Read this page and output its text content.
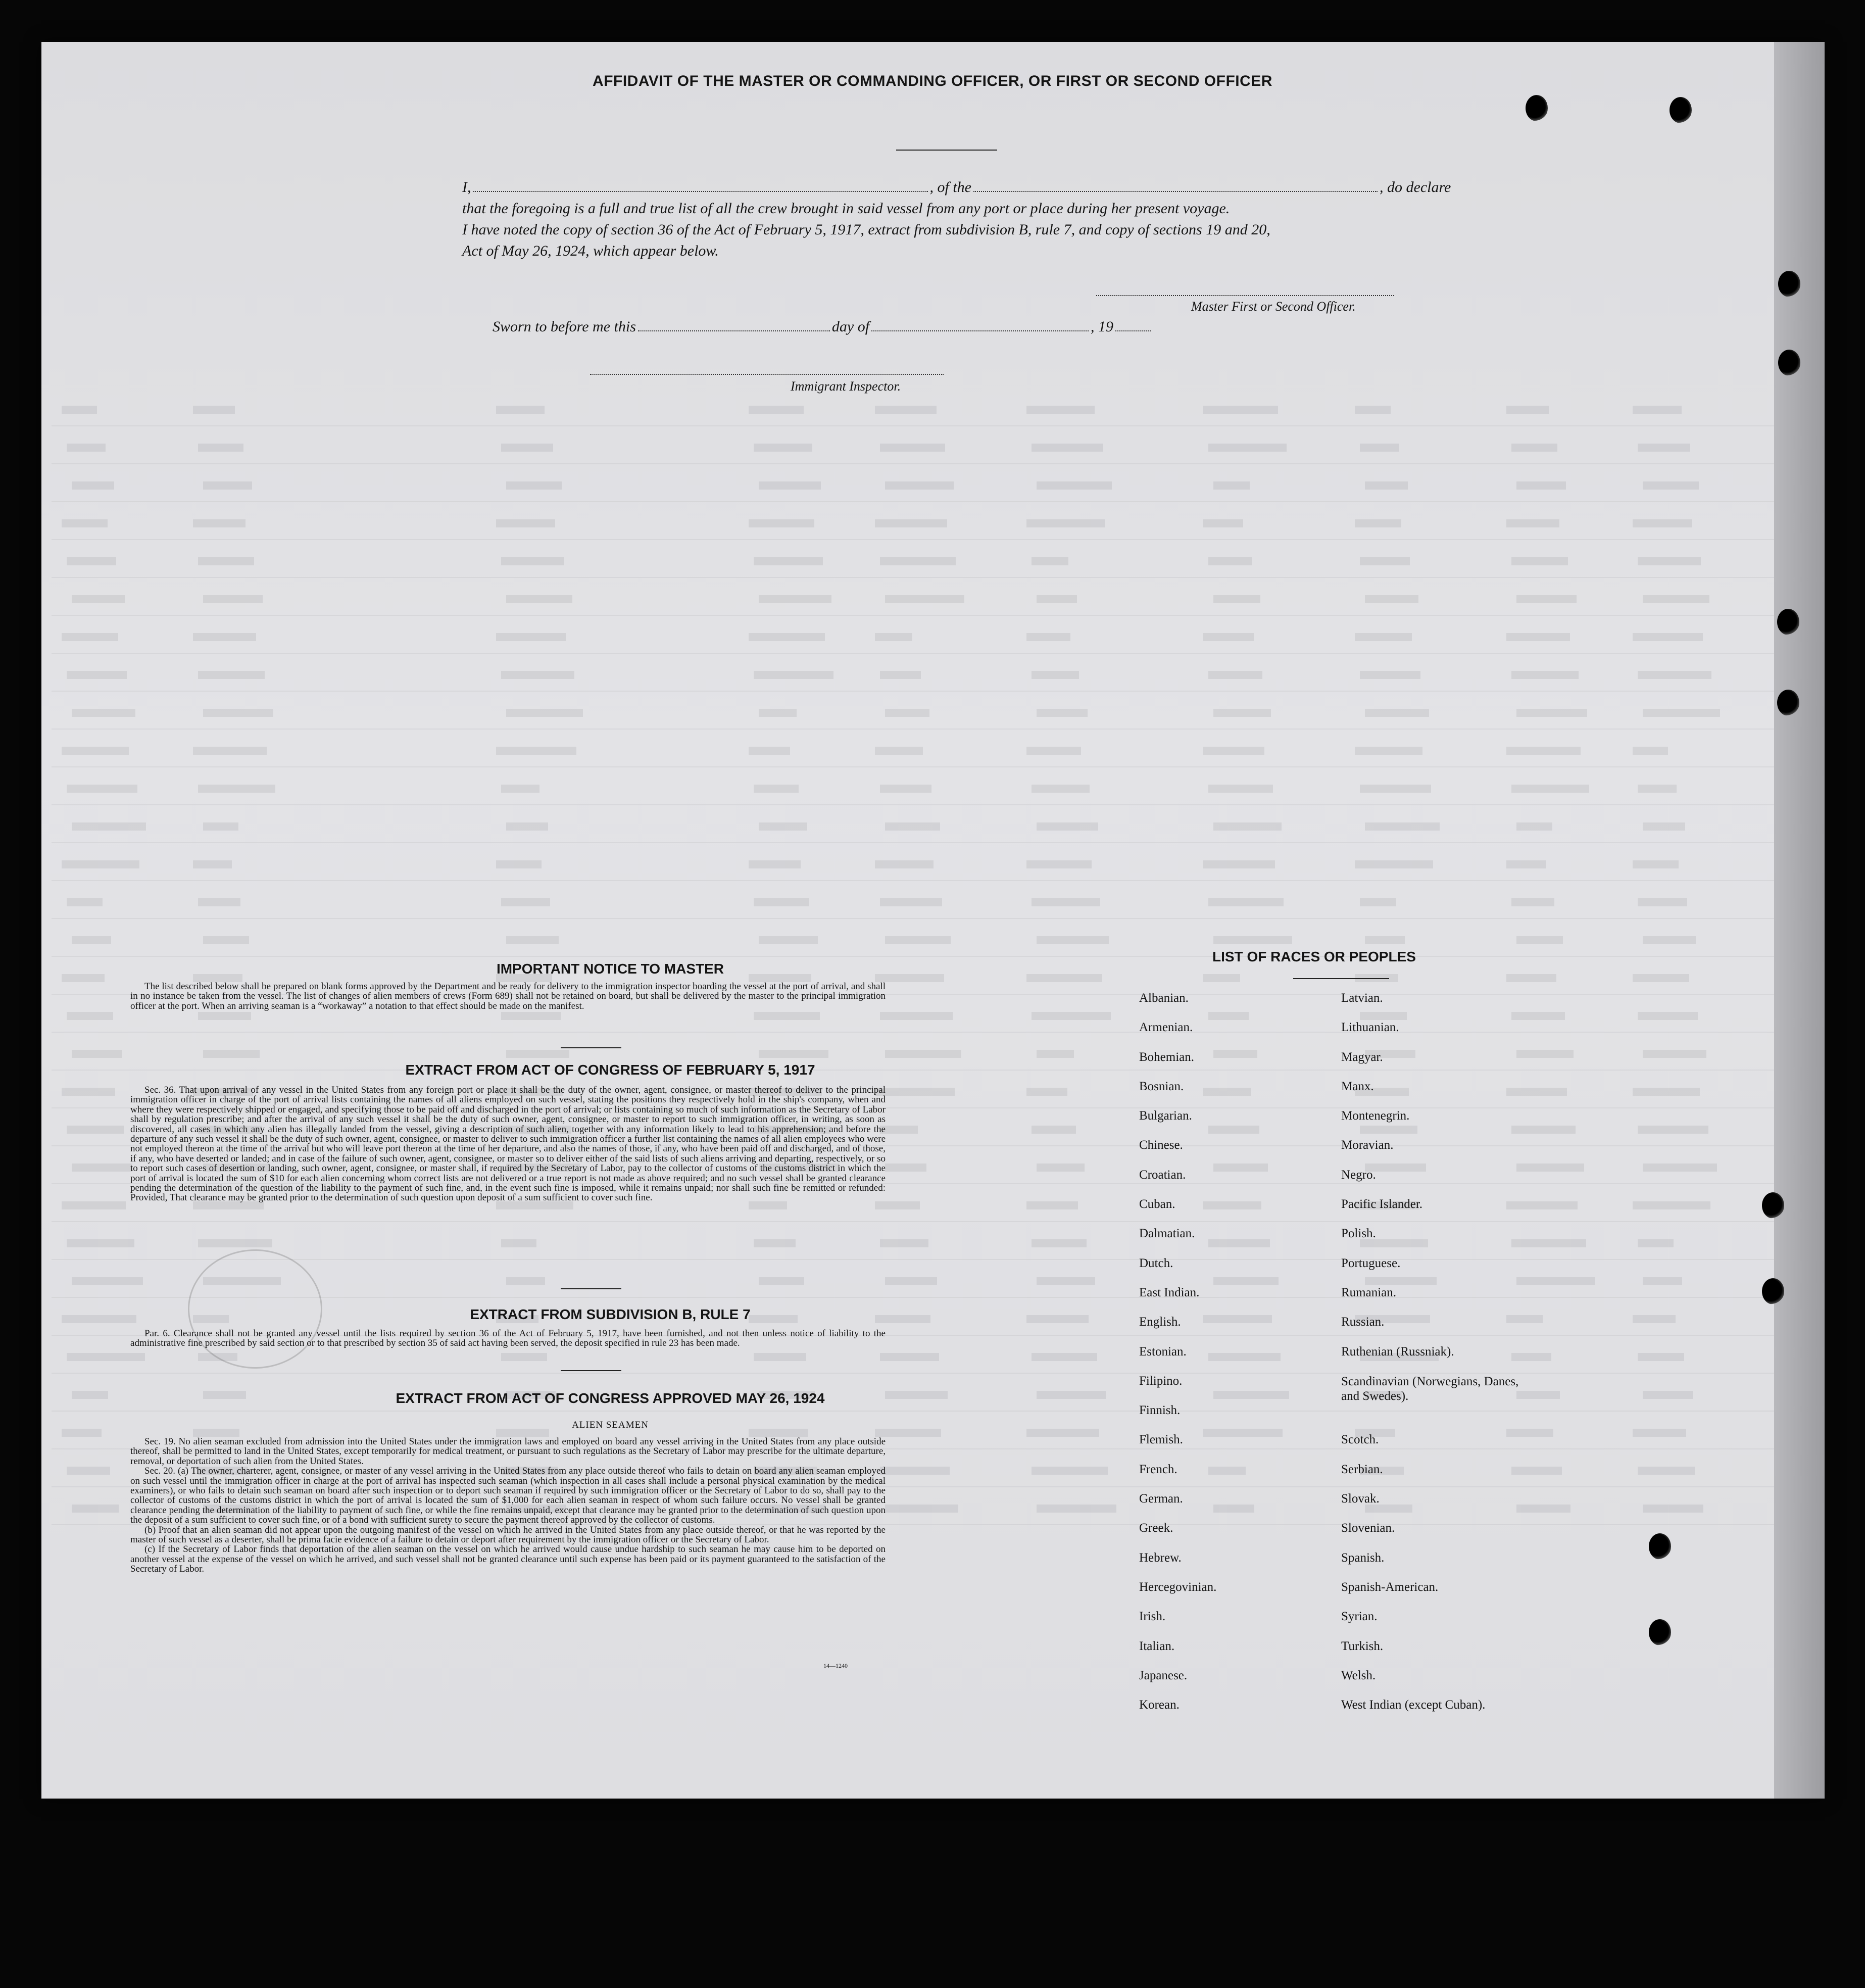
AFFIDAVIT OF THE MASTER OR COMMANDING OFFICER, OR FIRST OR SECOND OFFICER
I,	, of the	, do declare
that the foregoing is a full and true list of all the crew brought in said vessel from any port or place during her present voyage.
I have noted the copy of section 36 of the Act of February 5, 1917, extract from subdivision B, rule 7, and copy of sections 19 and 20,
Act of May 26, 1924, which appear below.
Master First or Second Officer.
Sworn to before me this	day of	, 19
Immigrant Inspector.
IMPORTANT NOTICE TO MASTER
The list described below shall be prepared on blank forms approved by the Department and be ready for delivery to the immigration inspector boarding the vessel at the port of arrival, and shall in no instance be taken from the vessel. The list of changes of alien members of crews (Form 689) shall not be retained on board, but shall be delivered by the master to the principal immigration officer at the port. When an arriving seaman is a “workaway” a notation to that effect should be made on the manifest.
EXTRACT FROM ACT OF CONGRESS OF FEBRUARY 5, 1917
Sec. 36. That upon arrival of any vessel in the United States from any foreign port or place it shall be the duty of the owner, agent, consignee, or master thereof to deliver to the principal immigration officer in charge of the port of arrival lists containing the names of all aliens employed on such vessel, stating the positions they respectively hold in the ship's company, when and where they were respectively shipped or engaged, and specifying those to be paid off and discharged in the port of arrival; or lists containing so much of such information as the Secretary of Labor shall by regulation prescribe; and after the arrival of any such vessel it shall be the duty of such owner, agent, consignee, or master to report to such immigration officer, in writing, as soon as discovered, all cases in which any alien has illegally landed from the vessel, giving a description of such alien, together with any information likely to lead to his apprehension; and before the departure of any such vessel it shall be the duty of such owner, agent, consignee, or master to deliver to such immigration officer a further list containing the names of all alien employees who were not employed thereon at the time of the arrival but who will leave port thereon at the time of her departure, and also the names of those, if any, who have been paid off and discharged, and of those, if any, who have deserted or landed; and in case of the failure of such owner, agent, consignee, or master so to deliver either of the said lists of such aliens arriving and departing, respectively, or so to report such cases of desertion or landing, such owner, agent, consignee, or master shall, if required by the Secretary of Labor, pay to the collector of customs of the customs district in which the port of arrival is located the sum of $10 for each alien concerning whom correct lists are not delivered or a true report is not made as above required; and no such vessel shall be granted clearance pending the determination of the question of the liability to the payment of such fine, and, in the event such fine is imposed, while it remains unpaid; nor shall such fine be remitted or refunded: Provided, That clearance may be granted prior to the determination of such question upon deposit of a sum sufficient to cover such fine.
EXTRACT FROM SUBDIVISION B, RULE 7
Par. 6. Clearance shall not be granted any vessel until the lists required by section 36 of the Act of February 5, 1917, have been furnished, and not then unless notice of liability to the administrative fine prescribed by said section or to that prescribed by section 35 of said act having been served, the deposit specified in rule 23 has been made.
EXTRACT FROM ACT OF CONGRESS APPROVED MAY 26, 1924
ALIEN SEAMEN

Sec. 19. No alien seaman excluded from admission into the United States under the immigration laws and employed on board any vessel arriving in the United States from any place outside thereof, shall be permitted to land in the United States, except temporarily for medical treatment, or pursuant to such regulations as the Secretary of Labor may prescribe for the ultimate departure, removal, or deportation of such alien from the United States.

Sec. 20. (a) The owner, charterer, agent, consignee, or master of any vessel arriving in the United States from any place outside thereof who fails to detain on board any alien seaman employed on such vessel until the immigration officer in charge at the port of arrival has inspected such seaman (which inspection in all cases shall include a personal physical examination by the medical examiners), or who fails to detain such seaman on board after such inspection or to deport such seaman if required by such immigration officer or the Secretary of Labor to do so, shall pay to the collector of customs of the customs district in which the port of arrival is located the sum of $1,000 for each alien seaman in respect of whom such failure occurs. No vessel shall be granted clearance pending the determination of the liability to payment of such fine, or while the fine remains unpaid, except that clearance may be granted prior to the determination of such question upon the deposit of a sum sufficient to cover such fine, or of a bond with sufficient surety to secure the payment thereof approved by the collector of customs.

(b) Proof that an alien seaman did not appear upon the outgoing manifest of the vessel on which he arrived in the United States from any place outside thereof, or that he was reported by the master of such vessel as a deserter, shall be prima facie evidence of a failure to detain or deport after requirement by the immigration officer or the Secretary of Labor.

(c) If the Secretary of Labor finds that deportation of the alien seaman on the vessel on which he arrived would cause undue hardship to such seaman he may cause him to be deported on another vessel at the expense of the vessel on which he arrived, and such vessel shall not be granted clearance until such expense has been paid or its payment guaranteed to the satisfaction of the Secretary of Labor.

14—1240
LIST OF RACES OR PEOPLES
Albanian.
Armenian.
Bohemian.
Bosnian.
Bulgarian.
Chinese.
Croatian.
Cuban.
Dalmatian.
Dutch.
East Indian.
English.
Estonian.
Filipino.
Finnish.
Flemish.
French.
German.
Greek.
Hebrew.
Hercegovinian.
Irish.
Italian.
Japanese.
Korean.
Latvian.
Lithuanian.
Magyar.
Manx.
Montenegrin.
Moravian.
Negro.
Pacific Islander.
Polish.
Portuguese.
Rumanian.
Russian.
Ruthenian (Russniak).
Scandinavian (Norwegians, Danes, and Swedes).
Scotch.
Serbian.
Slovak.
Slovenian.
Spanish.
Spanish-American.
Syrian.
Turkish.
Welsh.
West Indian (except Cuban).
